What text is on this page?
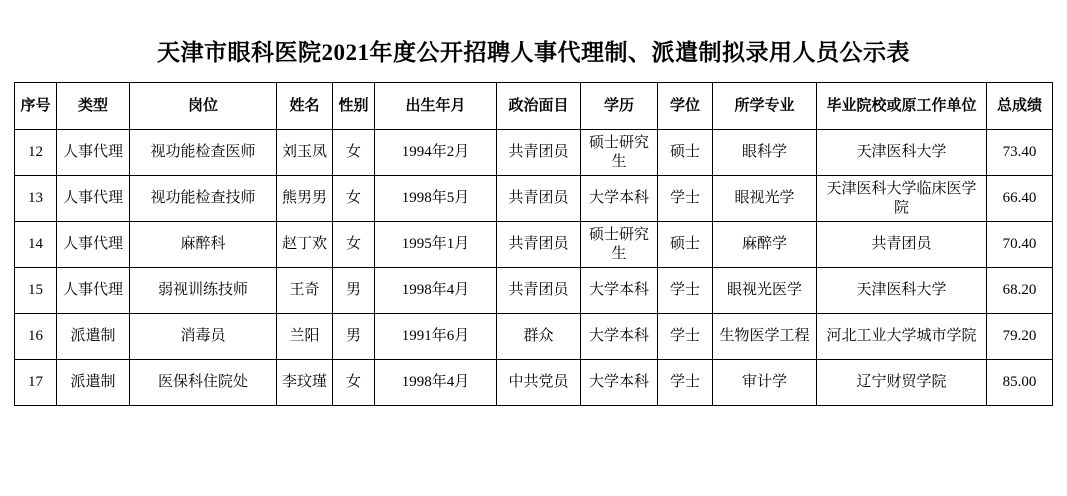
天津市眼科医院2021年度公开招聘人事代理制、派遣制拟录用人员公示表
序号	类型	岗位	姓名	性别	出生年月	政治面目	学历	学位	所学专业	毕业院校或原工作单位	总成绩
12	人事代理	视功能检查医师	刘玉凤	女	1994年2月	共青团员	硕士研究生	硕士	眼科学	天津医科大学	73.40
13	人事代理	视功能检查技师	熊男男	女	1998年5月	共青团员	大学本科	学士	眼视光学	天津医科大学临床医学院	66.40
14	人事代理	麻醉科	赵丁欢	女	1995年1月	共青团员	硕士研究生	硕士	麻醉学	共青团员	70.40
15	人事代理	弱视训练技师	王奇	男	1998年4月	共青团员	大学本科	学士	眼视光医学	天津医科大学	68.20
16	派遣制	消毒员	兰阳	男	1991年6月	群众	大学本科	学士	生物医学工程	河北工业大学城市学院	79.20
17	派遣制	医保科住院处	李玟瑾	女	1998年4月	中共党员	大学本科	学士	审计学	辽宁财贸学院	85.00
